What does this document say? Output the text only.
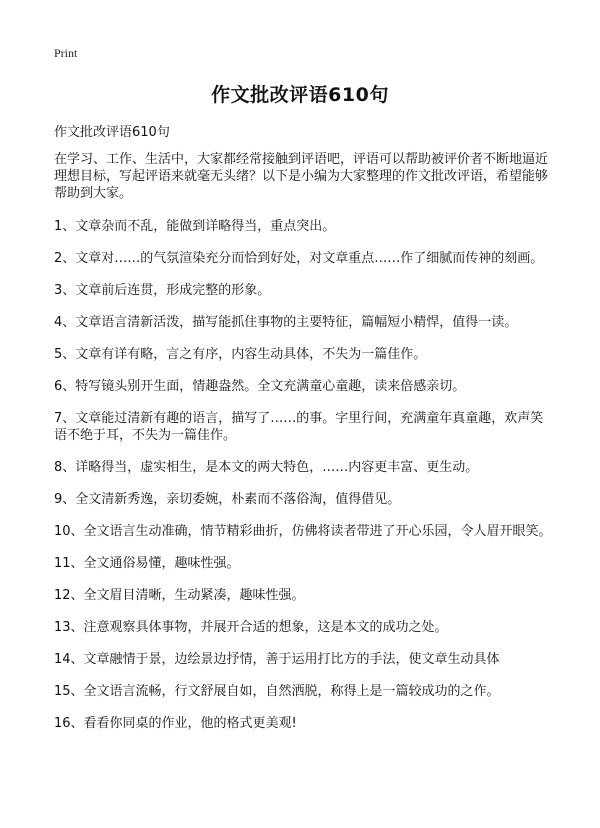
Print
作文批改评语610句

作文批改评语610句

在学习、工作、生活中，大家都经常接触到评语吧，评语可以帮助被评价者不断地逼近理想目标，写起评语来就毫无头绪？以下是小编为大家整理的作文批改评语，希望能够帮助到大家。

1、文章杂而不乱，能做到详略得当，重点突出。

2、文章对……的气氛渲染充分而恰到好处，对文章重点……作了细腻而传神的刻画。

3、文章前后连贯，形成完整的形象。

4、文章语言清新活泼，描写能抓住事物的主要特征，篇幅短小精悍，值得一读。

5、文章有详有略，言之有序，内容生动具体，不失为一篇佳作。

6、特写镜头别开生面，情趣盎然。全文充满童心童趣，读来倍感亲切。

7、文章能过清新有趣的语言，描写了……的事。字里行间，充满童年真童趣，欢声笑语不绝于耳，不失为一篇佳作。

8、详略得当，虚实相生，是本文的两大特色，……内容更丰富、更生动。

9、全文清新秀逸，亲切委婉，朴素而不落俗淘，值得借见。

10、全文语言生动准确，情节精彩曲折，仿佛将读者带进了开心乐园，令人眉开眼笑。

11、全文通俗易懂，趣味性强。

12、全文眉目清晰，生动紧凑，趣味性强。

13、注意观察具体事物，并展开合适的想象，这是本文的成功之处。

14、文章融情于景，边绘景边抒情，善于运用打比方的手法，使文章生动具体

15、全文语言流畅，行文舒展自如，自然洒脱，称得上是一篇较成功的之作。

16、看看你同桌的作业，他的格式更美观!
